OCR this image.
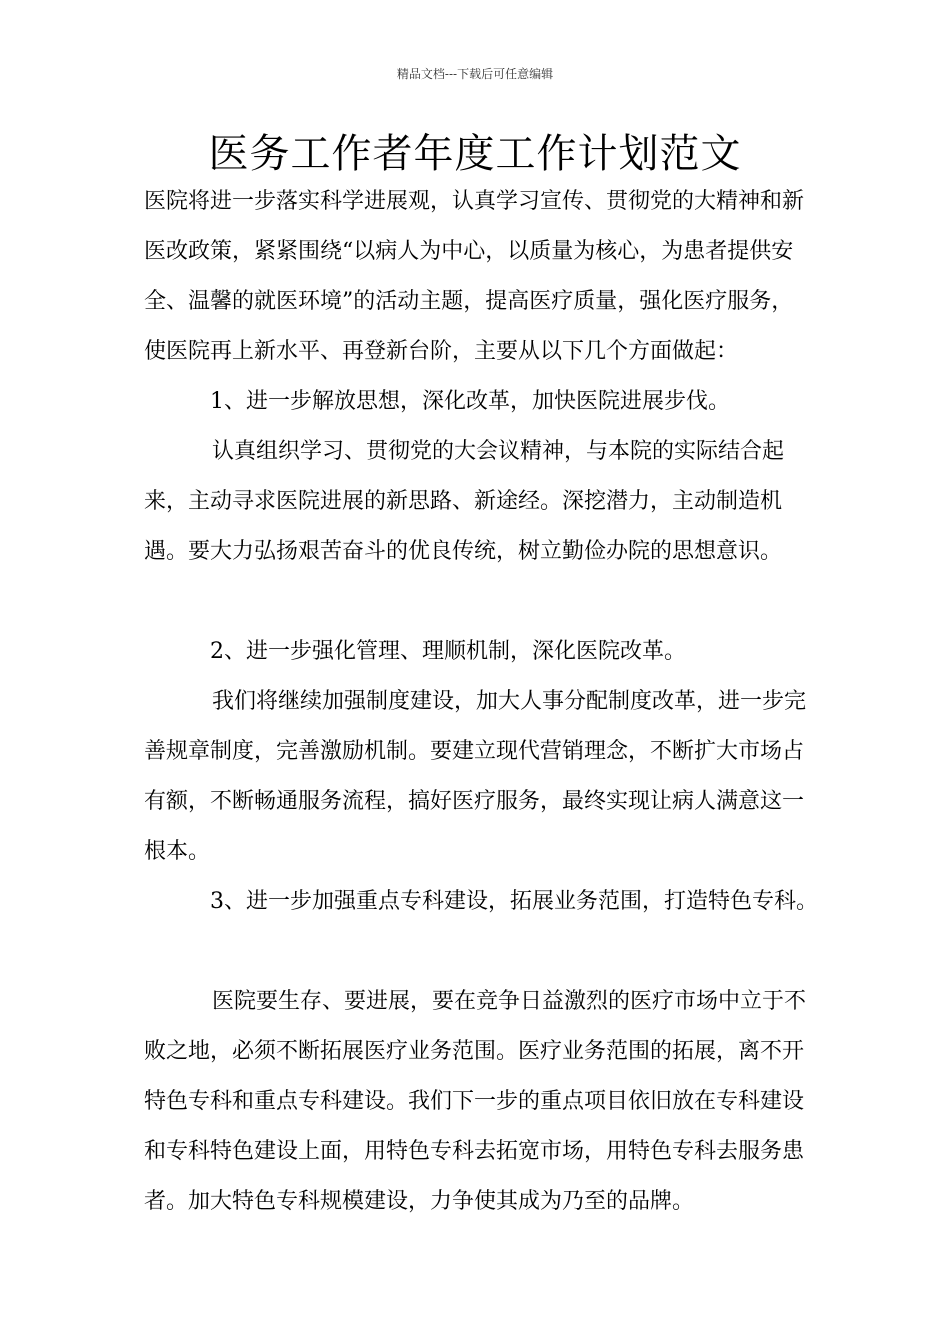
精品文档---下载后可任意编辑
医务工作者年度工作计划范文

医院将进一步落实科学进展观，认真学习宣传、贯彻党的大精神和新医改政策，紧紧围绕“以病人为中心，以质量为核心，为患者提供安全、温馨的就医环境”的活动主题，提高医疗质量，强化医疗服务，使医院再上新水平、再登新台阶，主要从以下几个方面做起：

1、进一步解放思想，深化改革，加快医院进展步伐。

认真组织学习、贯彻党的大会议精神，与本院的实际结合起来，主动寻求医院进展的新思路、新途经。深挖潜力，主动制造机遇。要大力弘扬艰苦奋斗的优良传统，树立勤俭办院的思想意识。

2、进一步强化管理、理顺机制，深化医院改革。

我们将继续加强制度建设，加大人事分配制度改革，进一步完善规章制度，完善激励机制。要建立现代营销理念，不断扩大市场占有额，不断畅通服务流程，搞好医疗服务，最终实现让病人满意这一根本。

3、进一步加强重点专科建设，拓展业务范围，打造特色专科。

医院要生存、要进展，要在竞争日益激烈的医疗市场中立于不败之地，必须不断拓展医疗业务范围。医疗业务范围的拓展，离不开特色专科和重点专科建设。我们下一步的重点项目依旧放在专科建设和专科特色建设上面，用特色专科去拓宽市场，用特色专科去服务患者。加大特色专科规模建设，力争使其成为乃至的品牌。
